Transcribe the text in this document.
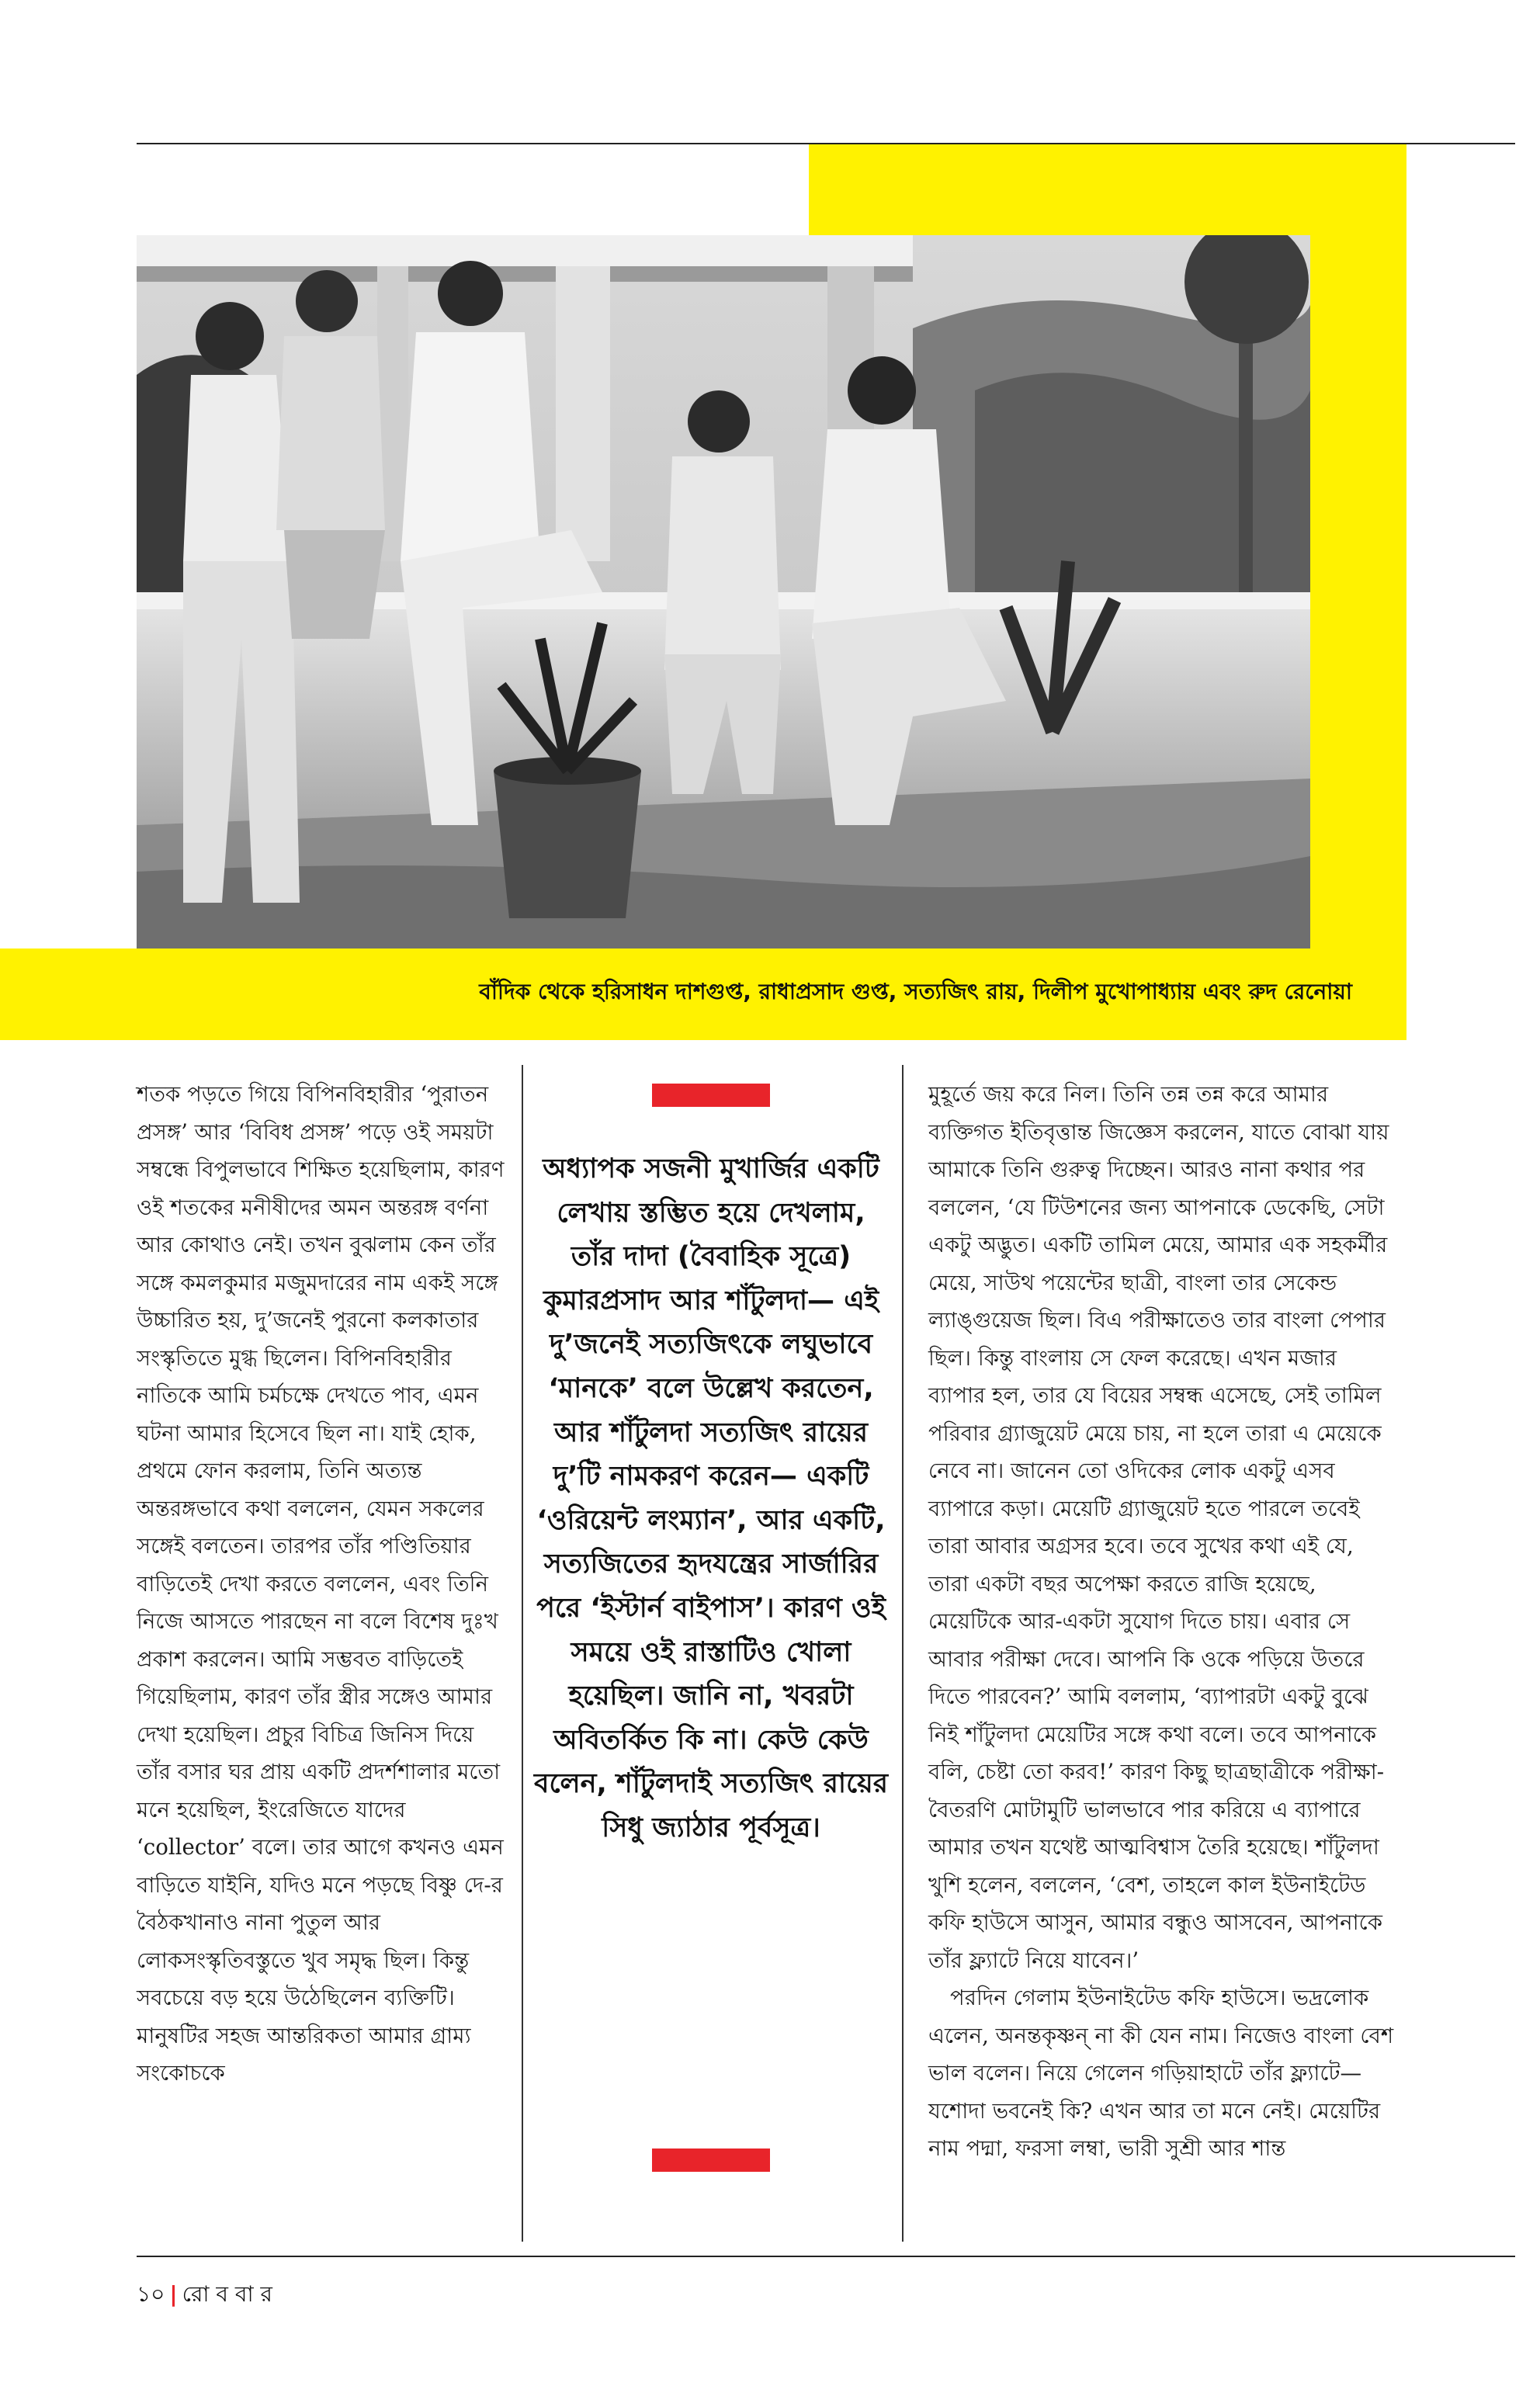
বাঁদিক থেকে হরিসাধন দাশগুপ্ত, রাধাপ্রসাদ গুপ্ত, সত্যজিৎ রায়, দিলীপ মুখোপাধ্যায় এবং রুদ রেনোয়া

শতক পড়তে গিয়ে বিপিনবিহারীর ‘পুরাতন প্রসঙ্গ’ আর ‘বিবিধ প্রসঙ্গ’ পড়ে ওই সময়টা সম্বন্ধে বিপুলভাবে শিক্ষিত হয়েছিলাম, কারণ ওই শতকের মনীষীদের অমন অন্তরঙ্গ বর্ণনা আর কোথাও নেই। তখন বুঝলাম কেন তাঁর সঙ্গে কমলকুমার মজুমদারের নাম একই সঙ্গে উচ্চারিত হয়, দু’জনেই পুরনো কলকাতার সংস্কৃতিতে মুগ্ধ ছিলেন। বিপিনবিহারীর নাতিকে আমি চর্মচক্ষে দেখতে পাব, এমন ঘটনা আমার হিসেবে ছিল না। যাই হোক, প্রথমে ফোন করলাম, তিনি অত্যন্ত অন্তরঙ্গভাবে কথা বললেন, যেমন সকলের সঙ্গেই বলতেন। তারপর তাঁর পণ্ডিতিয়ার বাড়িতেই দেখা করতে বললেন, এবং তিনি নিজে আসতে পারছেন না বলে বিশেষ দুঃখ প্রকাশ করলেন। আমি সম্ভবত বাড়িতেই গিয়েছিলাম, কারণ তাঁর স্ত্রীর সঙ্গেও আমার দেখা হয়েছিল। প্রচুর বিচিত্র জিনিস দিয়ে তাঁর বসার ঘর প্রায় একটি প্রদর্শশালার মতো মনে হয়েছিল, ইংরেজিতে যাদের ‘collector’ বলে। তার আগে কখনও এমন বাড়িতে যাইনি, যদিও মনে পড়ছে বিষ্ণু দে-র বৈঠকখানাও নানা পুতুল আর লোকসংস্কৃতিবস্তুতে খুব সমৃদ্ধ ছিল। কিন্তু সবচেয়ে বড় হয়ে উঠেছিলেন ব্যক্তিটি। মানুষটির সহজ আন্তরিকতা আমার গ্রাম্য সংকোচকে

অধ্যাপক সজনী মুখার্জির একটি লেখায় স্তম্ভিত হয়ে দেখলাম, তাঁর দাদা (বৈবাহিক সূত্রে) কুমারপ্রসাদ আর শাঁটুলদা— এই দু’জনেই সত্যজিৎকে লঘুভাবে ‘মানকে’ বলে উল্লেখ করতেন, আর শাঁটুলদা সত্যজিৎ রায়ের দু’টি নামকরণ করেন— একটি ‘ওরিয়েন্ট লংম্যান’, আর একটি, সত্যজিতের হৃদযন্ত্রের সার্জারির পরে ‘ইস্টার্ন বাইপাস’। কারণ ওই সময়ে ওই রাস্তাটিও খোলা হয়েছিল। জানি না, খবরটা অবিতর্কিত কি না। কেউ কেউ বলেন, শাঁটুলদাই সত্যজিৎ রায়ের সিধু জ্যাঠার পূর্বসূত্র।

মুহূর্তে জয় করে নিল। তিনি তন্ন তন্ন করে আমার ব্যক্তিগত ইতিবৃত্তান্ত জিজ্ঞেস করলেন, যাতে বোঝা যায় আমাকে তিনি গুরুত্ব দিচ্ছেন। আরও নানা কথার পর বললেন, ‘যে টিউশনের জন্য আপনাকে ডেকেছি, সেটা একটু অদ্ভুত। একটি তামিল মেয়ে, আমার এক সহকর্মীর মেয়ে, সাউথ পয়েন্টের ছাত্রী, বাংলা তার সেকেন্ড ল্যাঙ্গুয়েজ ছিল। বিএ পরীক্ষাতেও তার বাংলা পেপার ছিল। কিন্তু বাংলায় সে ফেল করেছে। এখন মজার ব্যাপার হল, তার যে বিয়ের সম্বন্ধ এসেছে, সেই তামিল পরিবার গ্র্যাজুয়েট মেয়ে চায়, না হলে তারা এ মেয়েকে নেবে না। জানেন তো ওদিকের লোক একটু এসব ব্যাপারে কড়া। মেয়েটি গ্র্যাজুয়েট হতে পারলে তবেই তারা আবার অগ্রসর হবে। তবে সুখের কথা এই যে, তারা একটা বছর অপেক্ষা করতে রাজি হয়েছে, মেয়েটিকে আর-একটা সুযোগ দিতে চায়। এবার সে আবার পরীক্ষা দেবে। আপনি কি ওকে পড়িয়ে উতরে দিতে পারবেন?’ আমি বললাম, ‘ব্যাপারটা একটু বুঝে নিই শাঁটুলদা মেয়েটির সঙ্গে কথা বলে। তবে আপনাকে বলি, চেষ্টা তো করব!’ কারণ কিছু ছাত্রছাত্রীকে পরীক্ষা-বৈতরণি মোটামুটি ভালভাবে পার করিয়ে এ ব্যাপারে আমার তখন যথেষ্ট আত্মবিশ্বাস তৈরি হয়েছে। শাঁটুলদা খুশি হলেন, বললেন, ‘বেশ, তাহলে কাল ইউনাইটেড কফি হাউসে আসুন, আমার বন্ধুও আসবেন, আপনাকে তাঁর ফ্ল্যাটে নিয়ে যাবেন।’

পরদিন গেলাম ইউনাইটেড কফি হাউসে। ভদ্রলোক এলেন, অনন্তকৃষ্ণন্ না কী যেন নাম। নিজেও বাংলা বেশ ভাল বলেন। নিয়ে গেলেন গড়িয়াহাটে তাঁর ফ্ল্যাটে— যশোদা ভবনেই কি? এখন আর তা মনে নেই। মেয়েটির নাম পদ্মা, ফরসা লম্বা, ভারী সুশ্রী আর শান্ত

১০ | রো ব বা র
